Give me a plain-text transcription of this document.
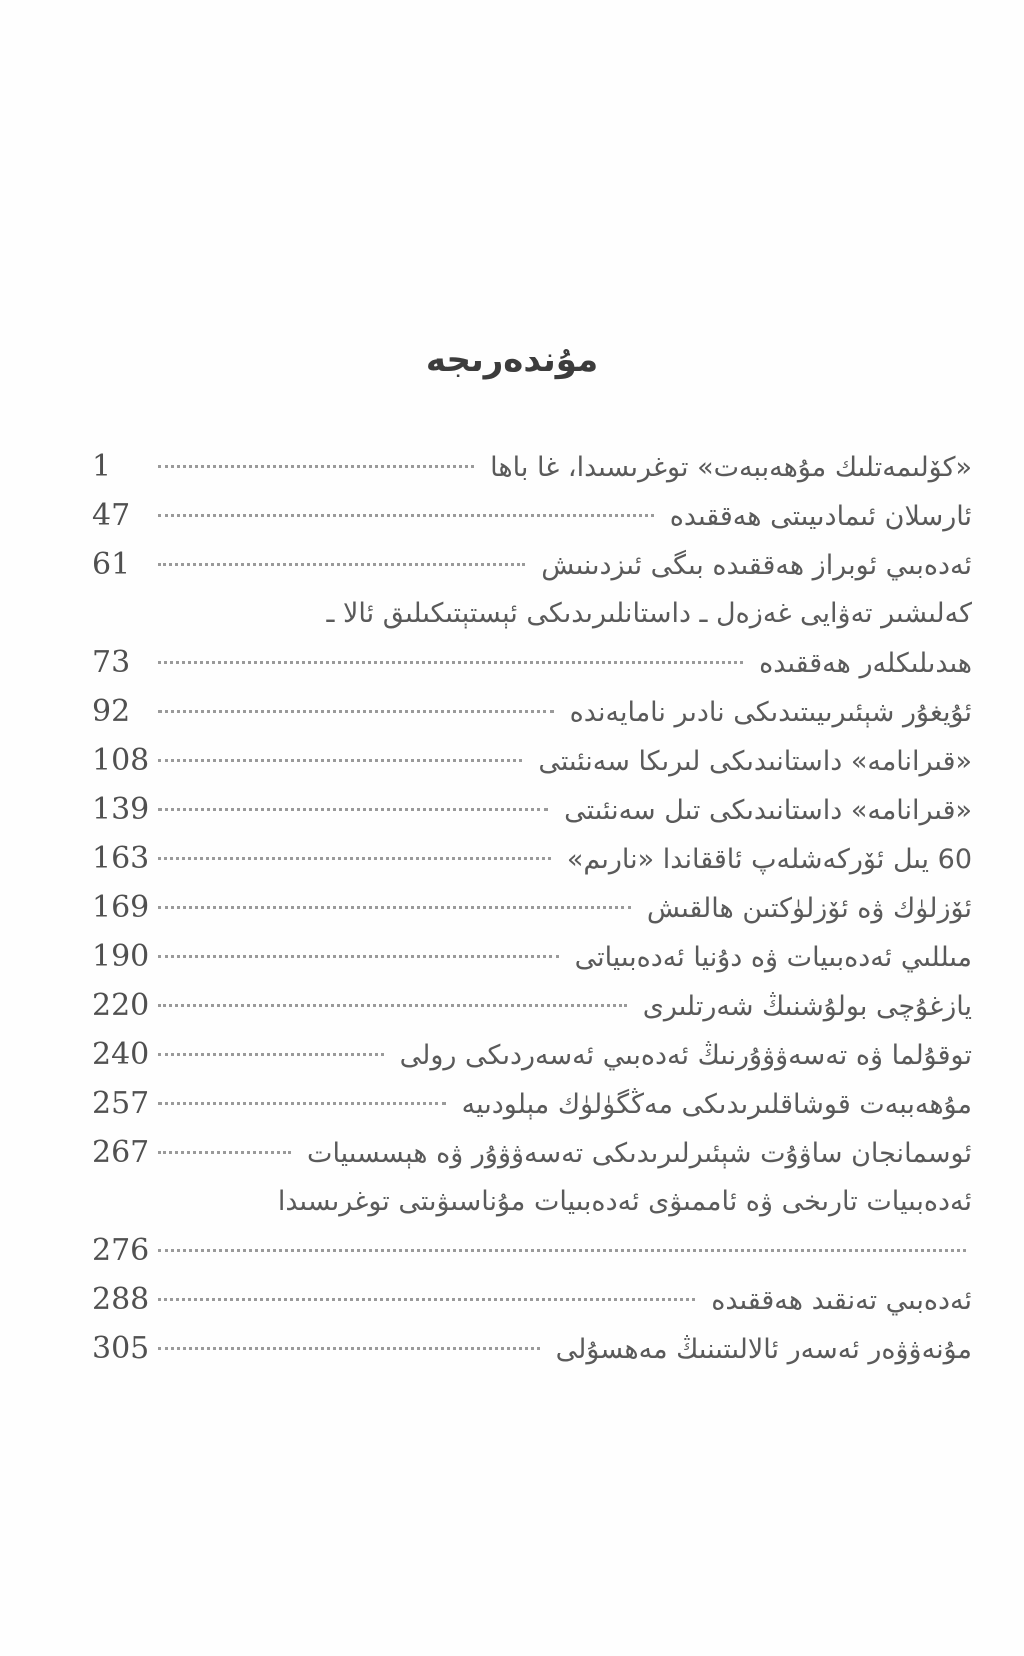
مۇندەرىجە
«كۆلىمەتلىك مۇھەببەت» توغرىسىدا، غا باھا
1
ئارسلان ئىمادىيىتى ھەققىدە
47
ئەدەبىي ئوبراز ھەققىدە بىگى ئىزدىنىش
61
كەلىشىر تەۋايى غەزەل ـ داستانلىرىدىكى ئېستېتىكىلىق ئالا ـ
ھىدىلىكلەر ھەققىدە
73
ئۇيغۇر شېئىرىيىتىدىكى نادىر نامايەندە
92
«قىرانامە» داستانىدىكى لىرىكا سەنئىتى
108
«قىرانامە» داستانىدىكى تىل سەنئىتى
139
60 يىل ئۆركەشلەپ ئاققاندا «نارىم»
163
ئۆزلۈك ۋە ئۆزلۈكتىن ھالقىش
169
مىللىي ئەدەبىيات ۋە دۇنيا ئەدەبىياتى
190
يازغۇچى بولۇشنىڭ شەرتلىرى
220
توقۇلما ۋە تەسەۋۋۇرنىڭ ئەدەبىي ئەسەردىكى رولى
240
مۇھەببەت قوشاقلىرىدىكى مەڭگۈلۈك مېلودىيە
257
ئوسمانجان ساۋۇت شېئىرلىرىدىكى تەسەۋۋۇر ۋە ھېسسىيات
267
ئەدەبىيات تارىخى ۋە ئاممىۋى ئەدەبىيات مۇناسىۋىتى توغرىسىدا
276
ئەدەبىي تەنقىد ھەققىدە
288
مۇنەۋۋەر ئەسەر ئالالىتىنىڭ مەھسۇلى
305
